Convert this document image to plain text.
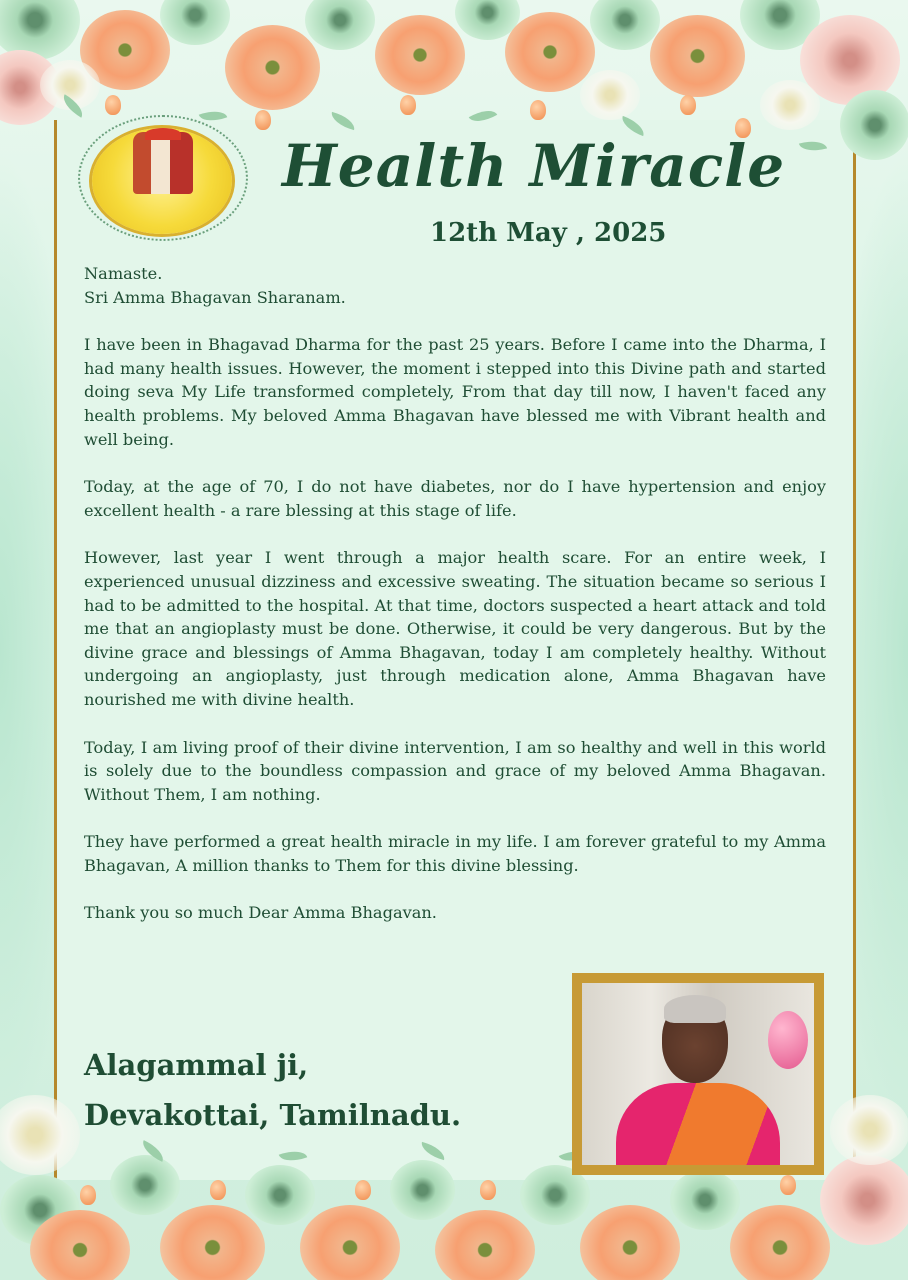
Health Miracle
12th May , 2025

Namaste.

Sri Amma Bhagavan Sharanam.

I have been in Bhagavad Dharma for the past 25 years. Before I came into the Dharma, I had many health issues. However, the moment i stepped into this Divine path and started doing seva My Life transformed completely, From that day till now, I haven't faced any health problems. My beloved Amma Bhagavan have blessed me with Vibrant health and well being.

Today, at the age of 70, I do not have diabetes, nor do I have hypertension and enjoy excellent health - a rare blessing at this stage of life.

However, last year I went through a major health scare. For an entire week, I experienced unusual dizziness and excessive sweating. The situation became so serious I had to be admitted to the hospital. At that time, doctors suspected a heart attack and told me that an angioplasty must be done. Otherwise, it could be very dangerous. But by the divine grace and blessings of Amma Bhagavan, today I am completely healthy. Without undergoing an angioplasty, just through medication alone, Amma Bhagavan have nourished me with divine health.

Today, I am living proof of their divine intervention, I am so healthy and well in this world is solely due to the boundless compassion and grace of my beloved Amma Bhagavan. Without Them, I am nothing.

They have performed a great health miracle in my life. I am forever grateful to my Amma Bhagavan, A million thanks to Them for this divine blessing.

Thank you so much Dear Amma Bhagavan.

Alagammal ji,
Devakottai, Tamilnadu.
